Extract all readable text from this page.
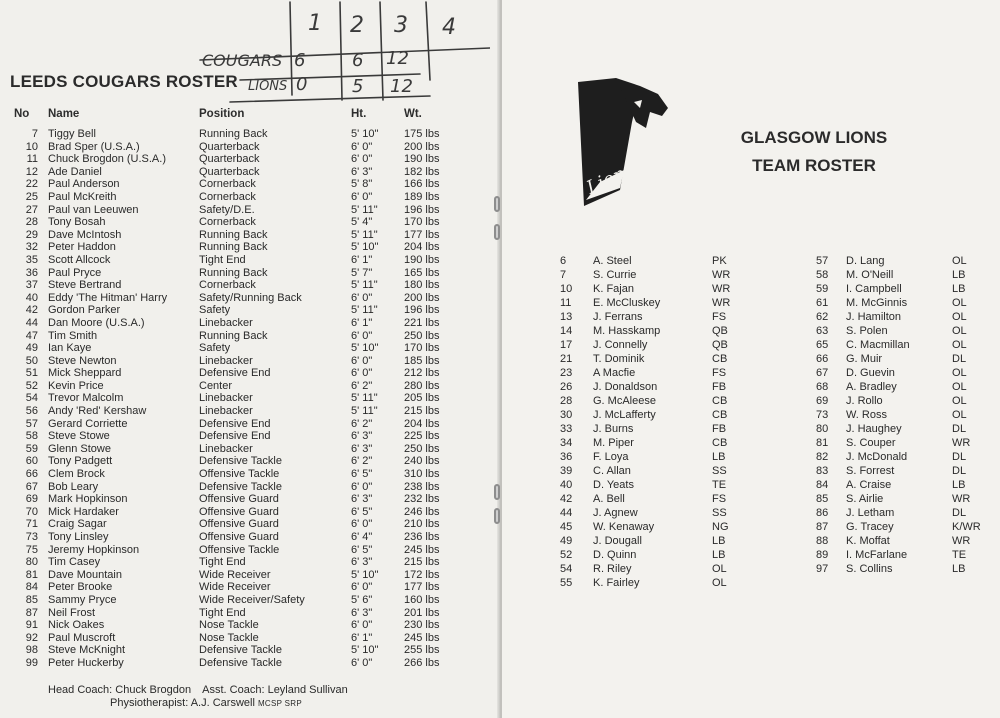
1 2 3 4
COUGARS 6	6 12
LIONS 0 5 12
LEEDS COUGARS ROSTER
No Name	Position	Ht.	Wt.
7 Tiggy Bell	Running Back	5' 10" 175 lbs
10 Brad Sper (U.S.A.)	Quarterback	6' 0"	200 lbs
11 Chuck Brogdon (U.S.A.)	Quarterback	6' 0"	190 lbs
12 Ade Daniel	Quarterback	6' 3"	182 lbs
22 Paul Anderson	Cornerback	5' 8"	166 lbs
25 Paul McKreith	Cornerback	6' 0"	189 lbs
27 Paul van Leeuwen	Safety/D.E.	5' 11" 196 lbs
28 Tony Bosah	Cornerback	5' 4"	170 lbs
29 Dave McIntosh	Running Back	5' 11" 177 lbs
32 Peter Haddon	Running Back	5' 10" 204 lbs
35 Scott Allcock	Tight End	6' 1"	190 lbs
36 Paul Pryce	Running Back	5' 7"	165 lbs
37 Steve Bertrand	Cornerback	5' 11" 180 lbs
40 Eddy 'The Hitman' Harry	Safety/Running Back	6' 0"	200 lbs
42 Gordon Parker	Safety	5' 11" 196 lbs
44 Dan Moore (U.S.A.)	Linebacker	6' 1"	221 lbs
47 Tim Smith	Running Back	6' 0"	250 lbs
49 Ian Kaye	Safety	5' 10" 170 lbs
50 Steve Newton	Linebacker	6' 0"	185 lbs
51 Mick Sheppard	Defensive End	6' 0"	212 lbs
52 Kevin Price	Center	6' 2"	280 lbs
54 Trevor Malcolm	Linebacker	5' 11" 205 lbs
56 Andy 'Red' Kershaw	Linebacker	5' 11" 215 lbs
57 Gerard Corriette	Defensive End	6' 2"	204 lbs
58 Steve Stowe	Defensive End	6' 3"	225 lbs
59 Glenn Stowe	Linebacker	6' 3"	250 lbs
60 Tony Padgett	Defensive Tackle	6' 2"	240 lbs
66 Clem Brock	Offensive Tackle	6' 5"	310 lbs
67 Bob Leary	Defensive Tackle	6' 0"	238 lbs
69 Mark Hopkinson	Offensive Guard	6' 3"	232 lbs
70 Mick Hardaker	Offensive Guard	6' 5"	246 lbs
71 Craig Sagar	Offensive Guard	6' 0"	210 lbs
73 Tony Linsley	Offensive Guard	6' 4"	236 lbs
75 Jeremy Hopkinson	Offensive Tackle	6' 5"	245 lbs
80 Tim Casey	Tight End	6' 3"	215 lbs
81 Dave Mountain	Wide Receiver	5' 10" 172 lbs
84 Peter Brooke	Wide Receiver	6' 0"	177 lbs
85 Sammy Pryce	Wide Receiver/Safety	5' 6"	160 lbs
87 Neil Frost	Tight End	6' 3"	201 lbs
91 Nick Oakes	Nose Tackle	6' 0"	230 lbs
92 Paul Muscroft	Nose Tackle	6' 1"	245 lbs
98 Steve McKnight	Defensive Tackle	5' 10" 255 lbs
99 Peter Huckerby	Defensive Tackle	6' 0"	266 lbs
Head Coach: Chuck Brogdon Asst. Coach: Leyland Sullivan
Physiotherapist: A.J. Carswell MCSP SRP
Lions
GLASGOW LIONS
TEAM ROSTER
6 A. Steel	PK
7 S. Currie	WR
10 K. Fajan	WR
11 E. McCluskey	WR
13 J. Ferrans	FS
14 M. Hasskamp	QB
17 J. Connelly	QB
21 T. Dominik	CB
23 A Macfie	FS
26 J. Donaldson	FB
28 G. McAleese	CB
30 J. McLafferty	CB
33 J. Burns	FB
34 M. Piper	CB
36 F. Loya	LB
39 C. Allan	SS
40 D. Yeats	TE
42 A. Bell	FS
44 J. Agnew	SS
45 W. Kenaway	NG
49 J. Dougall	LB
52 D. Quinn	LB
54 R. Riley	OL
55 K. Fairley	OL
57 D. Lang	OL
58 M. O'Neill	LB
59 I. Campbell	LB
61 M. McGinnis	OL
62 J. Hamilton	OL
63 S. Polen	OL
65 C. Macmillan	OL
66 G. Muir	DL
67 D. Guevin	OL
68 A. Bradley	OL
69 J. Rollo	OL
73 W. Ross	OL
80 J. Haughey	DL
81 S. Couper	WR
82 J. McDonald	DL
83 S. Forrest	DL
84 A. Craise	LB
85 S. Airlie	WR
86 J. Letham	DL
87 G. Tracey	K/WR
88 K. Moffat	WR
89 I. McFarlane	TE
97 S. Collins	LB
